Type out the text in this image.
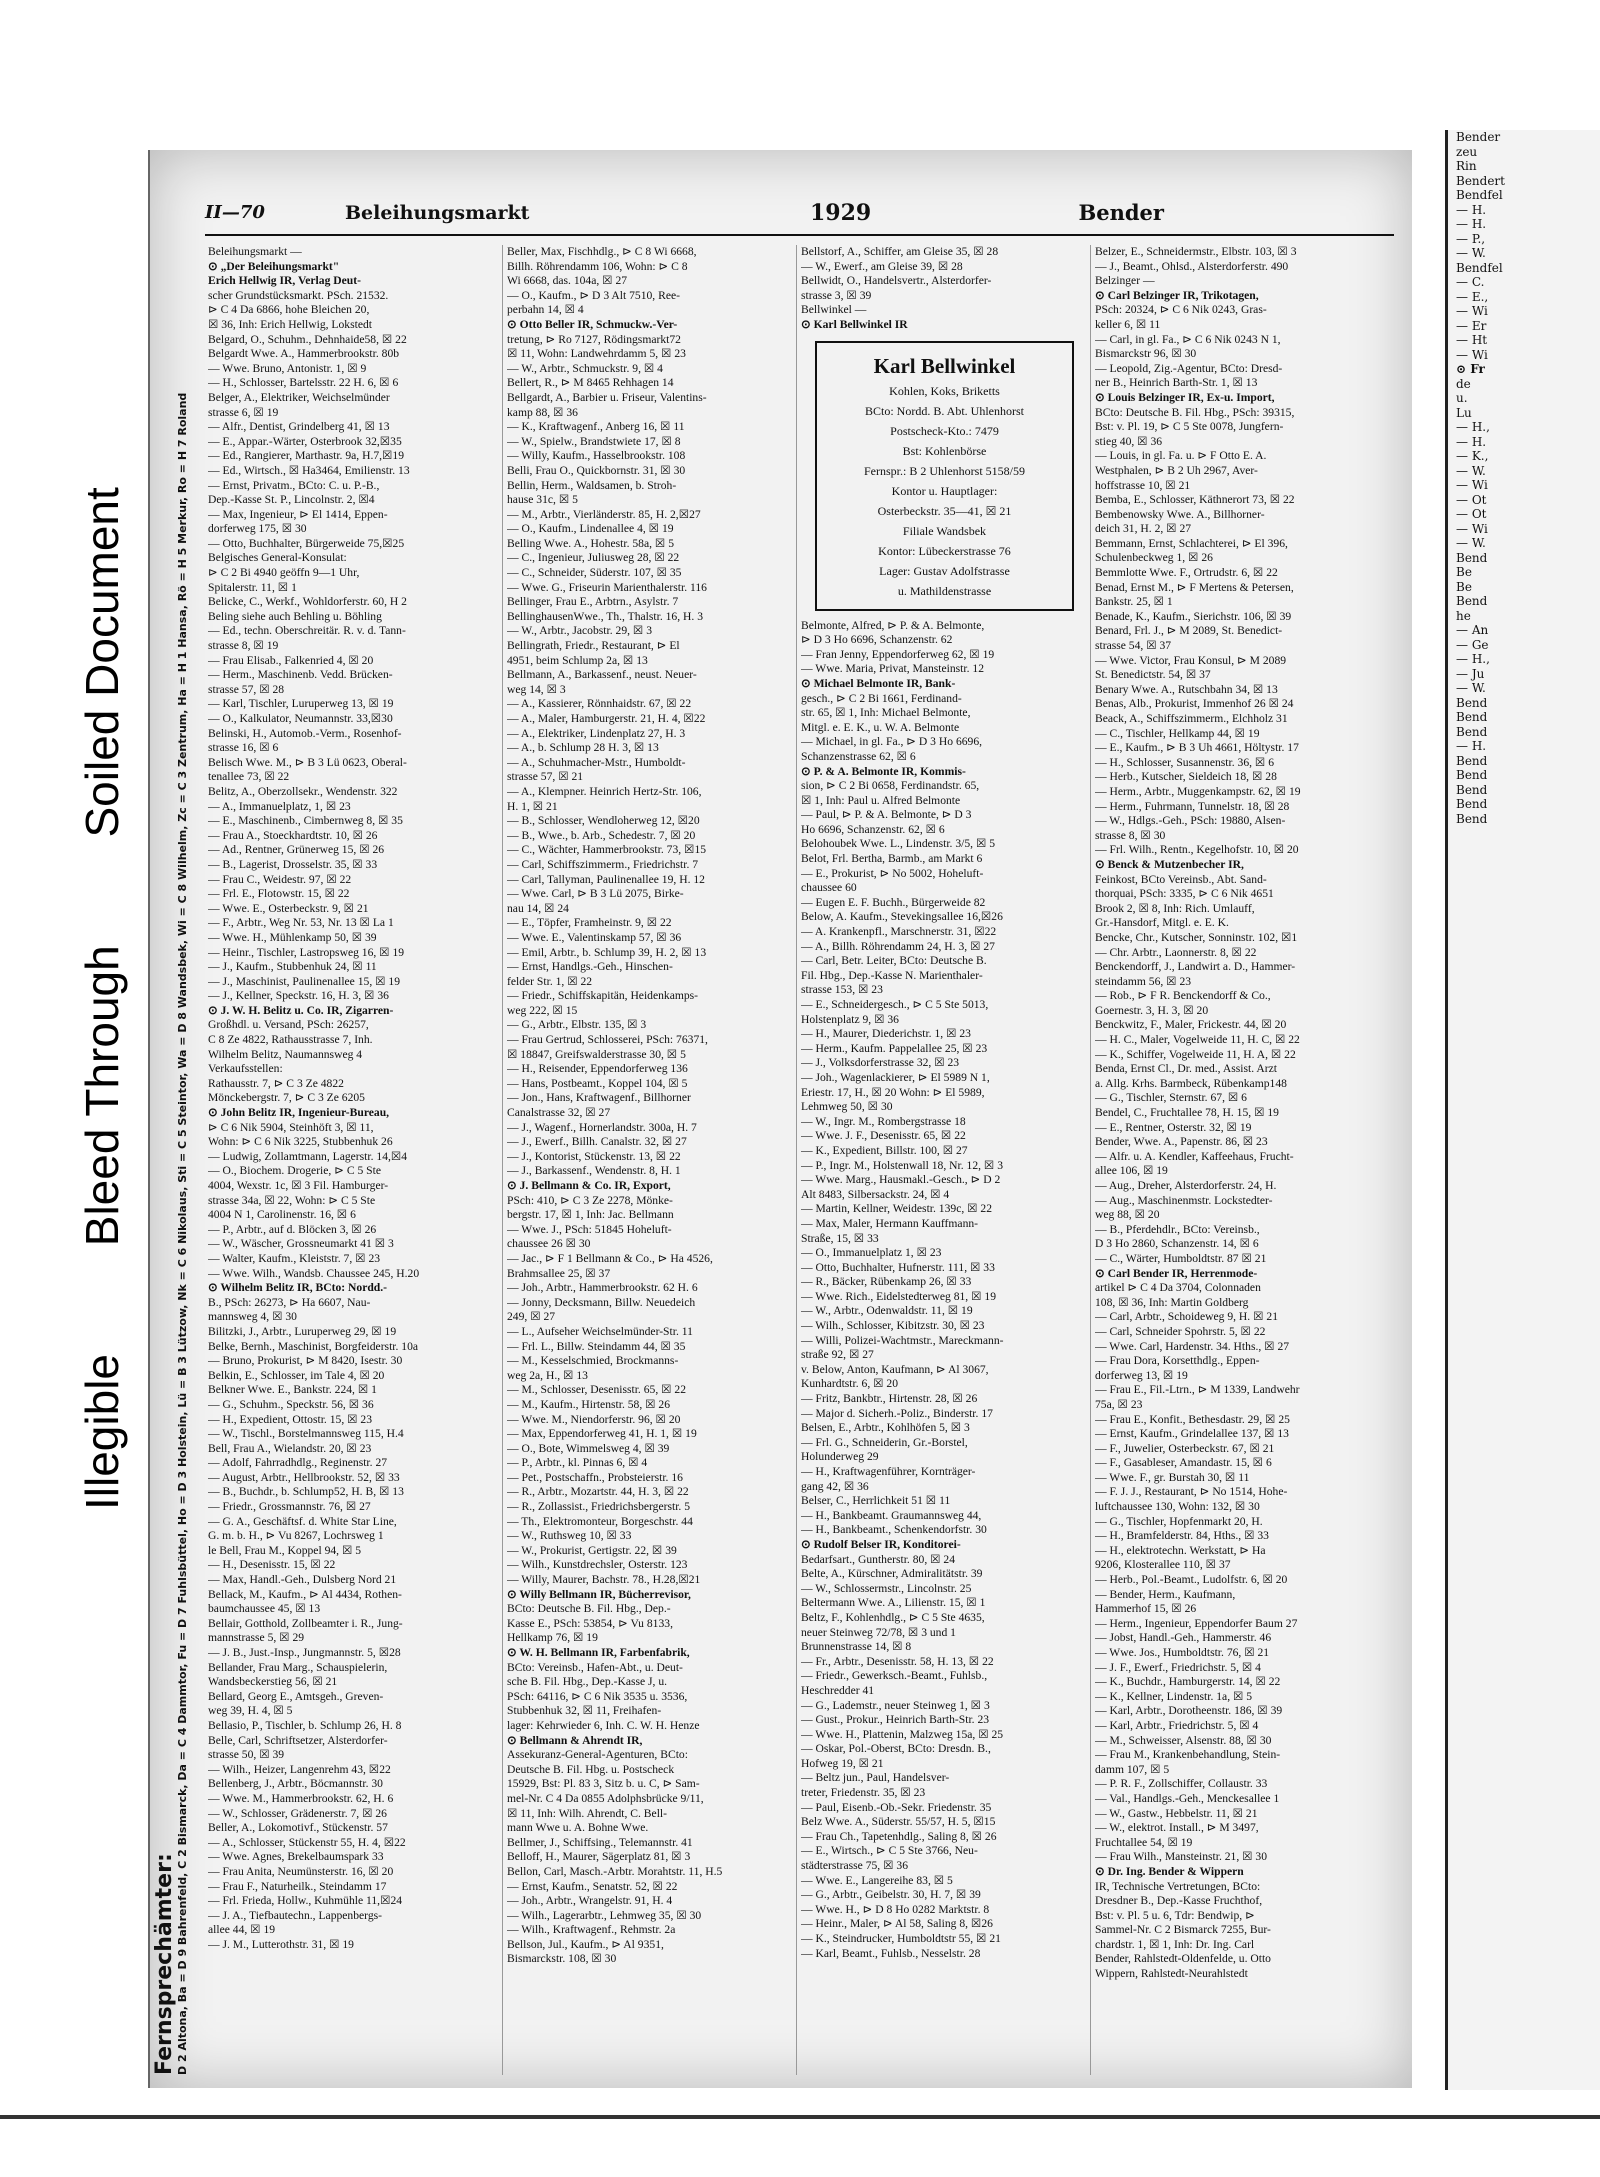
Illegible Bleed Through Soiled Document
II—70	Beleihungsmarkt	1929	Bender
Fernsprechämter: D 2 Altona, Ba = D 9 Bahrenfeld, C 2 Bismarck, Da = C 4 Dammtor, Fu = D 7 Fuhlsbüttel, Ho = D 3 Holstein, Lü = B 3 Lützow, Nk = C 6 Nikolaus, Sti = C 5 Steintor, Wa = D 8 Wandsbek, Wi = C 8 Wilhelm, Zc = C 3 Zentrum, Ha = H 1 Hansa, Rö = H 5 Merkur, Ro = H 7 Roland
Beleihungsmarkt —
⊙ „Der Beleihungsmarkt"
Erich Hellwig IR, Verlag Deut-
scher Grundstücksmarkt. PSch. 21532.
⊳ C 4 Da 6866, hohe Bleichen 20,
☒ 36, Inh: Erich Hellwig, Lokstedt
Belgard, O., Schuhm., Dehnhaide58, ☒ 22
Belgardt Wwe. A., Hammerbrookstr. 80b
— Wwe. Bruno, Antonistr. 1, ☒ 9
— H., Schlosser, Bartelsstr. 22 H. 6, ☒ 6
Belger, A., Elektriker, Weichselmünder
strasse 6, ☒ 19
— Alfr., Dentist, Grindelberg 41, ☒ 13
— E., Appar.-Wärter, Osterbrook 32,☒35
— Ed., Rangierer, Marthastr. 9a, H.7,☒19
— Ed., Wirtsch., ☒ Ha3464, Emilienstr. 13
— Ernst, Privatm., BCto: C. u. P.-B.,
Dep.-Kasse St. P., Lincolnstr. 2, ☒4
— Max, Ingenieur, ⊳ El 1414, Eppen-
dorferweg 175, ☒ 30
— Otto, Buchhalter, Bürgerweide 75,☒25
Belgisches General-Konsulat:
⊳ C 2 Bi 4940 geöffn 9—1 Uhr,
Spitalerstr. 11, ☒ 1
Belicke, C., Werkf., Wohldorferstr. 60, H 2
Beling siehe auch Behling u. Böhling
— Ed., techn. Oberschreitär. R. v. d. Tann-
strasse 8, ☒ 19
— Frau Elisab., Falkenried 4, ☒ 20
— Herm., Maschinenb. Vedd. Brücken-
strasse 57, ☒ 28
— Karl, Tischler, Luruperweg 13, ☒ 19
— O., Kalkulator, Neumannstr. 33,☒30
Belinski, H., Automob.-Verm., Rosenhof-
strasse 16, ☒ 6
Belisch Wwe. M., ⊳ B 3 Lü 0623, Oberal-
tenallee 73, ☒ 22
Belitz, A., Oberzollsekr., Wendenstr. 322
— A., Immanuelplatz, 1, ☒ 23
— E., Maschinenb., Cimbernweg 8, ☒ 35
— Frau A., Stoeckhardtstr. 10, ☒ 26
— Ad., Rentner, Grünerweg 15, ☒ 26
— B., Lagerist, Drosselstr. 35, ☒ 33
— Frau C., Weidestr. 97, ☒ 22
— Frl. E., Flotowstr. 15, ☒ 22
— Wwe. E., Osterbeckstr. 9, ☒ 21
— F., Arbtr., Weg Nr. 53, Nr. 13 ☒ La 1
— Wwe. H., Mühlenkamp 50, ☒ 39
— Heinr., Tischler, Lastropsweg 16, ☒ 19
— J., Kaufm., Stubbenhuk 24, ☒ 11
— J., Maschinist, Paulinenallee 15, ☒ 19
— J., Kellner, Speckstr. 16, H. 3, ☒ 36
⊙ J. W. H. Belitz u. Co. IR, Zigarren-
Großhdl. u. Versand, PSch: 26257,
C 8 Ze 4822, Rathausstrasse 7, Inh.
Wilhelm Belitz, Naumannsweg 4
Verkaufsstellen:
Rathausstr. 7, ⊳ C 3 Ze 4822
Mönckebergstr. 7, ⊳ C 3 Ze 6205
⊙ John Belitz IR, Ingenieur-Bureau,
⊳ C 6 Nik 5904, Steinhöft 3, ☒ 11,
Wohn: ⊳ C 6 Nik 3225, Stubbenhuk 26
— Ludwig, Zollamtmann, Lagerstr. 14,☒4
— O., Biochem. Drogerie, ⊳ C 5 Ste
4004, Wexstr. 1c, ☒ 3 Fil. Hamburger-
strasse 34a, ☒ 22, Wohn: ⊳ C 5 Ste
4004 N 1, Carolinenstr. 16, ☒ 6
— P., Arbtr., auf d. Blöcken 3, ☒ 26
— W., Wäscher, Grossneumarkt 41 ☒ 3
— Walter, Kaufm., Kleiststr. 7, ☒ 23
— Wwe. Wilh., Wandsb. Chaussee 245, H.20
⊙ Wilhelm Belitz IR, BCto: Nordd.-
B., PSch: 26273, ⊳ Ha 6607, Nau-
mannsweg 4, ☒ 30
Bilitzki, J., Arbtr., Luruperweg 29, ☒ 19
Belke, Bernh., Maschinist, Borgfeiderstr. 10a
— Bruno, Prokurist, ⊳ M 8420, Isestr. 30
Belkin, E., Schlosser, im Tale 4, ☒ 20
Belkner Wwe. E., Bankstr. 224, ☒ 1
— G., Schuhm., Speckstr. 56, ☒ 36
— H., Expedient, Ottostr. 15, ☒ 23
— W., Tischl., Borstelmannsweg 115, H.4
Bell, Frau A., Wielandstr. 20, ☒ 23
— Adolf, Fahrradhdlg., Reginenstr. 27
— August, Arbtr., Hellbrookstr. 52, ☒ 33
— B., Buchdr., b. Schlump52, H. B, ☒ 13
— Friedr., Grossmannstr. 76, ☒ 27
— G. A., Geschäftsf. d. White Star Line,
G. m. b. H., ⊳ Vu 8267, Lochrsweg 1
le Bell, Frau M., Koppel 94, ☒ 5
— H., Desenisstr. 15, ☒ 22
— Max, Handl.-Geh., Dulsberg Nord 21
Bellack, M., Kaufm., ⊳ Al 4434, Rothen-
baumchaussee 45, ☒ 13
Bellair, Gotthold, Zollbeamter i. R., Jung-
mannstrasse 5, ☒ 29
— J. B., Just.-Insp., Jungmannstr. 5, ☒28
Bellander, Frau Marg., Schauspielerin,
Wandsbeckerstieg 56, ☒ 21
Bellard, Georg E., Amtsgeh., Greven-
weg 39, H. 4, ☒ 5
Bellasio, P., Tischler, b. Schlump 26, H. 8
Belle, Carl, Schriftsetzer, Alsterdorfer-
strasse 50, ☒ 39
— Wilh., Heizer, Langenrehm 43, ☒22
Bellenberg, J., Arbtr., Böcmannstr. 30
— Wwe. M., Hammerbrookstr. 62, H. 6
— W., Schlosser, Grädenerstr. 7, ☒ 26
Beller, A., Lokomotivf., Stückenstr. 57
— A., Schlosser, Stückenstr 55, H. 4, ☒22
— Wwe. Agnes, Brekelbaumspark 33
— Frau Anita, Neumünsterstr. 16, ☒ 20
— Frau F., Naturheilk., Steindamm 17
— Frl. Frieda, Hollw., Kuhmühle 11,☒24
— J. A., Tiefbautechn., Lappenbergs-
allee 44, ☒ 19
— J. M., Lutterothstr. 31, ☒ 19
Beller, Max, Fischhdlg., ⊳ C 8 Wi 6668,
Billh. Röhrendamm 106, Wohn: ⊳ C 8
Wi 6668, das. 104a, ☒ 27
— O., Kaufm., ⊳ D 3 Alt 7510, Ree-
perbahn 14, ☒ 4
⊙ Otto Beller IR, Schmuckw.-Ver-
tretung, ⊳ Ro 7127, Rödingsmarkt72
☒ 11, Wohn: Landwehrdamm 5, ☒ 23
— W., Arbtr., Schmuckstr. 9, ☒ 4
Bellert, R., ⊳ M 8465 Rehhagen 14
Bellgardt, A., Barbier u. Friseur, Valentins-
kamp 88, ☒ 36
— K., Kraftwagenf., Anberg 16, ☒ 11
— W., Spielw., Brandstwiete 17, ☒ 8
— Willy, Kaufm., Hasselbrookstr. 108
Belli, Frau O., Quickbornstr. 31, ☒ 30
Bellin, Herm., Waldsamen, b. Stroh-
hause 31c, ☒ 5
— M., Arbtr., Vierländerstr. 85, H. 2,☒27
— O., Kaufm., Lindenallee 4, ☒ 19
Belling Wwe. A., Hohestr. 58a, ☒ 5
— C., Ingenieur, Juliusweg 28, ☒ 22
— C., Schneider, Süderstr. 107, ☒ 35
— Wwe. G., Friseurin Marienthalerstr. 116
Bellinger, Frau E., Arbtrn., Asylstr. 7
BellinghausenWwe., Th., Thalstr. 16, H. 3
— W., Arbtr., Jacobstr. 29, ☒ 3
Bellingrath, Friedr., Restaurant, ⊳ El
4951, beim Schlump 2a, ☒ 13
Bellmann, A., Barkassenf., neust. Neuer-
weg 14, ☒ 3
— A., Kassierer, Rönnhaidstr. 67, ☒ 22
— A., Maler, Hamburgerstr. 21, H. 4, ☒22
— A., Elektriker, Lindenplatz 27, H. 3
— A., b. Schlump 28 H. 3, ☒ 13
— A., Schuhmacher-Mstr., Humboldt-
strasse 57, ☒ 21
— A., Klempner. Heinrich Hertz-Str. 106,
H. 1, ☒ 21
— B., Schlosser, Wendloherweg 12, ☒20
— B., Wwe., b. Arb., Schedestr. 7, ☒ 20
— C., Wächter, Hammerbrookstr. 73, ☒15
— Carl, Schiffszimmerm., Friedrichstr. 7
— Carl, Tallyman, Paulinenallee 19, H. 12
— Wwe. Carl, ⊳ B 3 Lü 2075, Birke-
nau 14, ☒ 24
— E., Töpfer, Framheinstr. 9, ☒ 22
— Wwe. E., Valentinskamp 57, ☒ 36
— Emil, Arbtr., b. Schlump 39, H. 2, ☒ 13
— Ernst, Handlgs.-Geh., Hinschen-
felder Str. 1, ☒ 22
— Friedr., Schiffskapitän, Heidenkamps-
weg 222, ☒ 15
— G., Arbtr., Elbstr. 135, ☒ 3
— Frau Gertrud, Schlosserei, PSch: 76371,
☒ 18847, Greifswalderstrasse 30, ☒ 5
— H., Reisender, Eppendorferweg 136
— Hans, Postbeamt., Koppel 104, ☒ 5
— Jon., Hans, Kraftwagenf., Billhorner
Canalstrasse 32, ☒ 27
— J., Wagenf., Hornerlandstr. 300a, H. 7
— J., Ewerf., Billh. Canalstr. 32, ☒ 27
— J., Kontorist, Stückenstr. 13, ☒ 22
— J., Barkassenf., Wendenstr. 8, H. 1
⊙ J. Bellmann & Co. IR, Export,
PSch: 410, ⊳ C 3 Ze 2278, Mönke-
bergstr. 17, ☒ 1, Inh: Jac. Bellmann
— Wwe. J., PSch: 51845 Hoheluft-
chaussee 26 ☒ 30
— Jac., ⊳ F 1 Bellmann & Co., ⊳ Ha 4526,
Brahmsallee 25, ☒ 37
— Joh., Arbtr., Hammerbrookstr. 62 H. 6
— Jonny, Decksmann, Billw. Neuedeich
249, ☒ 27
— L., Aufseher Weichselmünder-Str. 11
— Frl. L., Billw. Steindamm 44, ☒ 35
— M., Kesselschmied, Brockmanns-
weg 2a, H., ☒ 13
— M., Schlosser, Desenisstr. 65, ☒ 22
— M., Kaufm., Hirtenstr. 58, ☒ 26
— Wwe. M., Niendorferstr. 96, ☒ 20
— Max, Eppendorferweg 41, H. 1, ☒ 19
— O., Bote, Wimmelsweg 4, ☒ 39
— P., Arbtr., kl. Pinnas 6, ☒ 4
— Pet., Postschaffn., Probsteierstr. 16
— R., Arbtr., Mozartstr. 44, H. 3, ☒ 22
— R., Zollassist., Friedrichsbergerstr. 5
— Th., Elektromonteur, Borgeschstr. 44
— W., Ruthsweg 10, ☒ 33
— W., Prokurist, Gertigstr. 22, ☒ 39
— Wilh., Kunstdrechsler, Osterstr. 123
— Willy, Maurer, Bachstr. 78., H.28,☒21
⊙ Willy Bellmann IR, Bücherrevisor,
BCto: Deutsche B. Fil. Hbg., Dep.-
Kasse E., PSch: 53854, ⊳ Vu 8133,
Hellkamp 76, ☒ 19
⊙ W. H. Bellmann IR, Farbenfabrik,
BCto: Vereinsb., Hafen-Abt., u. Deut-
sche B. Fil. Hbg., Dep.-Kasse J, u.
PSch: 64116, ⊳ C 6 Nik 3535 u. 3536,
Stubbenhuk 32, ☒ 11, Freihafen-
lager: Kehrwieder 6, Inh. C. W. H. Henze
⊙ Bellmann & Ahrendt IR,
Assekuranz-General-Agenturen, BCto:
Deutsche B. Fil. Hbg. u. Postscheck
15929, Bst: Pl. 83 3, Sitz b. u. C, ⊳ Sam-
mel-Nr. C 4 Da 0855 Adolphsbrücke 9/11,
☒ 11, Inh: Wilh. Ahrendt, C. Bell-
mann Wwe u. A. Bohne Wwe.
Bellmer, J., Schiffsing., Telemannstr. 41
Belloff, H., Maurer, Sägerplatz 81, ☒ 3
Bellon, Carl, Masch.-Arbtr. Morahtstr. 11, H.5
— Ernst, Kaufm., Senatstr. 52, ☒ 22
— Joh., Arbtr., Wrangelstr. 91, H. 4
— Wilh., Lagerarbtr., Lehmweg 35, ☒ 30
— Wilh., Kraftwagenf., Rehmstr. 2a
Bellson, Jul., Kaufm., ⊳ Al 9351,
Bismarckstr. 108, ☒ 30
Bellstorf, A., Schiffer, am Gleise 35, ☒ 28
— W., Ewerf., am Gleise 39, ☒ 28
Bellwidt, O., Handelsvertr., Alsterdorfer-
strasse 3, ☒ 39
Bellwinkel —
⊙ Karl Bellwinkel IR
Karl Bellwinkel
Kohlen, Koks, Briketts
BCto: Nordd. B. Abt. Uhlenhorst
Postscheck-Kto.: 7479
Bst: Kohlenbörse
Fernspr.: B 2 Uhlenhorst 5158/59
Kontor u. Hauptlager:
Osterbeckstr. 35—41, ☒ 21
Filiale Wandsbek
Kontor: Lübeckerstrasse 76
Lager: Gustav Adolfstrasse
u. Mathildenstrasse
Belmonte, Alfred, ⊳ P. & A. Belmonte,
⊳ D 3 Ho 6696, Schanzenstr. 62
— Fran Jenny, Eppendorferweg 62, ☒ 19
— Wwe. Maria, Privat, Mansteinstr. 12
⊙ Michael Belmonte IR, Bank-
gesch., ⊳ C 2 Bi 1661, Ferdinand-
str. 65, ☒ 1, Inh: Michael Belmonte,
Mitgl. e. E. K., u. W. A. Belmonte
— Michael, in gl. Fa., ⊳ D 3 Ho 6696,
Schanzenstrasse 62, ☒ 6
⊙ P. & A. Belmonte IR, Kommis-
sion, ⊳ C 2 Bi 0658, Ferdinandstr. 65,
☒ 1, Inh: Paul u. Alfred Belmonte
— Paul, ⊳ P. & A. Belmonte, ⊳ D 3
Ho 6696, Schanzenstr. 62, ☒ 6
Belohoubek Wwe. L., Lindenstr. 3/5, ☒ 5
Belot, Frl. Bertha, Barmb., am Markt 6
— E., Prokurist, ⊳ No 5002, Hoheluft-
chaussee 60
— Eugen E. F. Buchh., Bürgerweide 82
Below, A. Kaufm., Stevekingsallee 16,☒26
— A. Krankenpfl., Marschnerstr. 31, ☒22
— A., Billh. Röhrendamm 24, H. 3, ☒ 27
— Carl, Betr. Leiter, BCto: Deutsche B.
Fil. Hbg., Dep.-Kasse N. Marienthaler-
strasse 153, ☒ 23
— E., Schneidergesch., ⊳ C 5 Ste 5013,
Holstenplatz 9, ☒ 36
— H., Maurer, Diederichstr. 1, ☒ 23
— Herm., Kaufm. Pappelallee 25, ☒ 23
— J., Volksdorferstrasse 32, ☒ 23
— Joh., Wagenlackierer, ⊳ El 5989 N 1,
Eriestr. 17, H., ☒ 20 Wohn: ⊳ El 5989,
Lehmweg 50, ☒ 30
— W., Ingr. M., Rombergstrasse 18
— Wwe. J. F., Desenisstr. 65, ☒ 22
— K., Expedient, Billstr. 100, ☒ 27
— P., Ingr. M., Holstenwall 18, Nr. 12, ☒ 3
— Wwe. Marg., Hausmakl.-Gesch., ⊳ D 2
Alt 8483, Silbersackstr. 24, ☒ 4
— Martin, Kellner, Weidestr. 139c, ☒ 22
— Max, Maler, Hermann Kauffmann-
Straße, 15, ☒ 33
— O., Immanuelplatz 1, ☒ 23
— Otto, Buchhalter, Hufnerstr. 111, ☒ 33
— R., Bäcker, Rübenkamp 26, ☒ 33
— Wwe. Rich., Eidelstedterweg 81, ☒ 19
— W., Arbtr., Odenwaldstr. 11, ☒ 19
— Wilh., Schlosser, Kibitzstr. 30, ☒ 23
— Willi, Polizei-Wachtmstr., Mareckmann-
straße 92, ☒ 27
v. Below, Anton, Kaufmann, ⊳ Al 3067,
Kunhardtstr. 6, ☒ 20
— Fritz, Bankbtr., Hirtenstr. 28, ☒ 26
— Major d. Sicherh.-Poliz., Binderstr. 17
Belsen, E., Arbtr., Kohlhöfen 5, ☒ 3
— Frl. G., Schneiderin, Gr.-Borstel,
Holunderweg 29
— H., Kraftwagenführer, Kornträger-
gang 42, ☒ 36
Belser, C., Herrlichkeit 51 ☒ 11
— H., Bankbeamt. Graumannsweg 44,
— H., Bankbeamt., Schenkendorfstr. 30
⊙ Rudolf Belser IR, Konditorei-
Bedarfsart., Guntherstr. 80, ☒ 24
Belte, A., Kürschner, Admiralitätstr. 39
— W., Schlossermstr., Lincolnstr. 25
Beltermann Wwe. A., Lilienstr. 15, ☒ 1
Beltz, F., Kohlenhdlg., ⊳ C 5 Ste 4635,
neuer Steinweg 72/78, ☒ 3 und 1
Brunnenstrasse 14, ☒ 8
— Fr., Arbtr., Desenisstr. 58, H. 13, ☒ 22
— Friedr., Gewerksch.-Beamt., Fuhlsb.,
Heschredder 41
— G., Lademstr., neuer Steinweg 1, ☒ 3
— Gust., Prokur., Heinrich Barth-Str. 23
— Wwe. H., Plattenin, Malzweg 15a, ☒ 25
— Oskar, Pol.-Oberst, BCto: Dresdn. B.,
Hofweg 19, ☒ 21
— Beltz jun., Paul, Handelsver-
treter, Friedenstr. 35, ☒ 23
— Paul, Eisenb.-Ob.-Sekr. Friedenstr. 35
Belz Wwe. A., Süderstr. 55/57, H. 5, ☒15
— Frau Ch., Tapetenhdlg., Saling 8, ☒ 26
— E., Wirtsch., ⊳ C 5 Ste 3766, Neu-
städterstrasse 75, ☒ 36
— Wwe. E., Langereihe 83, ☒ 5
— G., Arbtr., Geibelstr. 30, H. 7, ☒ 39
— Wwe. H., ⊳ D 8 Ho 0282 Marktstr. 8
— Heinr., Maler, ⊳ Al 58, Saling 8, ☒26
— K., Steindrucker, Humboldtstr 55, ☒ 21
— Karl, Beamt., Fuhlsb., Nesselstr. 28
Belzer, E., Schneidermstr., Elbstr. 103, ☒ 3
— J., Beamt., Ohlsd., Alsterdorferstr. 490
Belzinger —
⊙ Carl Belzinger IR, Trikotagen,
PSch: 20324, ⊳ C 6 Nik 0243, Gras-
keller 6, ☒ 11
— Carl, in gl. Fa., ⊳ C 6 Nik 0243 N 1,
Bismarckstr 96, ☒ 30
— Leopold, Zig.-Agentur, BCto: Dresd-
ner B., Heinrich Barth-Str. 1, ☒ 13
⊙ Louis Belzinger IR, Ex-u. Import,
BCto: Deutsche B. Fil. Hbg., PSch: 39315,
Bst: v. Pl. 19, ⊳ C 5 Ste 0078, Jungfern-
stieg 40, ☒ 36
— Louis, in gl. Fa. u. ⊳ F Otto E. A.
Westphalen, ⊳ B 2 Uh 2967, Aver-
hoffstrasse 10, ☒ 21
Bemba, E., Schlosser, Käthnerort 73, ☒ 22
Bembenowsky Wwe. A., Billhorner-
deich 31, H. 2, ☒ 27
Bemmann, Ernst, Schlachterei, ⊳ El 396,
Schulenbeckweg 1, ☒ 26
Bemmlotte Wwe. F., Ortrudstr. 6, ☒ 22
Benad, Ernst M., ⊳ F Mertens & Petersen,
Bankstr. 25, ☒ 1
Benade, K., Kaufm., Sierichstr. 106, ☒ 39
Benard, Frl. J., ⊳ M 2089, St. Benedict-
strasse 54, ☒ 37
— Wwe. Victor, Frau Konsul, ⊳ M 2089
St. Benedictstr. 54, ☒ 37
Benary Wwe. A., Rutschbahn 34, ☒ 13
Benas, Alb., Prokurist, Immenhof 26 ☒ 24
Beack, A., Schiffszimmerm., Elchholz 31
— C., Tischler, Hellkamp 44, ☒ 19
— E., Kaufm., ⊳ B 3 Uh 4661, Höltystr. 17
— H., Schlosser, Susannenstr. 36, ☒ 6
— Herb., Kutscher, Sieldeich 18, ☒ 28
— Herm., Arbtr., Muggenkampstr. 62, ☒ 19
— Herm., Fuhrmann, Tunnelstr. 18, ☒ 28
— W., Hdlgs.-Geh., PSch: 19880, Alsen-
strasse 8, ☒ 30
— Frl. Wilh., Rentn., Kegelhofstr. 10, ☒ 20
⊙ Benck & Mutzenbecher IR,
Feinkost, BCto Vereinsb., Abt. Sand-
thorquai, PSch: 3335, ⊳ C 6 Nik 4651
Brook 2, ☒ 8, Inh: Rich. Umlauff,
Gr.-Hansdorf, Mitgl. e. E. K.
Bencke, Chr., Kutscher, Sonninstr. 102, ☒1
— Chr. Arbtr., Laonnerstr. 8, ☒ 22
Benckendorff, J., Landwirt a. D., Hammer-
steindamm 56, ☒ 23
— Rob., ⊳ F R. Benckendorff & Co.,
Goernestr. 3, H. 3, ☒ 20
Benckwitz, F., Maler, Frickestr. 44, ☒ 20
— H. C., Maler, Vogelweide 11, H. C, ☒ 22
— K., Schiffer, Vogelweide 11, H. A, ☒ 22
Benda, Ernst Cl., Dr. med., Assist. Arzt
a. Allg. Krhs. Barmbeck, Rübenkamp148
— G., Tischler, Sternstr. 67, ☒ 6
Bendel, C., Fruchtallee 78, H. 15, ☒ 19
— E., Rentner, Osterstr. 32, ☒ 19
Bender, Wwe. A., Papenstr. 86, ☒ 23
— Alfr. u. A. Kendler, Kaffeehaus, Frucht-
allee 106, ☒ 19
— Aug., Dreher, Alsterdorferstr. 24, H.
— Aug., Maschinenmstr. Lockstedter-
weg 88, ☒ 20
— B., Pferdehdlr., BCto: Vereinsb.,
D 3 Ho 2860, Schanzenstr. 14, ☒ 6
— C., Wärter, Humboldtstr. 87 ☒ 21
⊙ Carl Bender IR, Herrenmode-
artikel ⊳ C 4 Da 3704, Colonnaden
108, ☒ 36, Inh: Martin Goldberg
— Carl, Arbtr., Schoideweg 9, H. ☒ 21
— Carl, Schneider Spohrstr. 5, ☒ 22
— Wwe. Carl, Hardenstr. 34. Hths., ☒ 27
— Frau Dora, Korsetthdlg., Eppen-
dorferweg 13, ☒ 19
— Frau E., Fil.-Ltrn., ⊳ M 1339, Landwehr
75a, ☒ 23
— Frau E., Konfit., Bethesdastr. 29, ☒ 25
— Ernst, Kaufm., Grindelallee 137, ☒ 13
— F., Juwelier, Osterbeckstr. 67, ☒ 21
— F., Gasableser, Amandastr. 15, ☒ 6
— Wwe. F., gr. Burstah 30, ☒ 11
— F. J. J., Restaurant, ⊳ No 1514, Hohe-
luftchaussee 130, Wohn: 132, ☒ 30
— G., Tischler, Hopfenmarkt 20, H.
— H., Bramfelderstr. 84, Hths., ☒ 33
— H., elektrotechn. Werkstatt, ⊳ Ha
9206, Klosterallee 110, ☒ 37
— Herb., Pol.-Beamt., Ludolfstr. 6, ☒ 20
— Bender, Herm., Kaufmann,
Hammerhof 15, ☒ 26
— Herm., Ingenieur, Eppendorfer Baum 27
— Jobst, Handl.-Geh., Hammerstr. 46
— Wwe. Jos., Humboldtstr. 76, ☒ 21
— J. F., Ewerf., Friedrichstr. 5, ☒ 4
— K., Buchdr., Hamburgerstr. 14, ☒ 22
— K., Kellner, Lindenstr. 1a, ☒ 5
— Karl, Arbtr., Dorotheenstr. 186, ☒ 39
— Karl, Arbtr., Friedrichstr. 5, ☒ 4
— M., Schweisser, Alsenstr. 88, ☒ 30
— Frau M., Krankenbehandlung, Stein-
damm 107, ☒ 5
— P. R. F., Zollschiffer, Collaustr. 33
— Val., Handlgs.-Geh., Menckesallee 1
— W., Gastw., Hebbelstr. 11, ☒ 21
— W., elektrot. Install., ⊳ M 3497,
Fruchtallee 54, ☒ 19
— Frau Wilh., Mansteinstr. 21, ☒ 30
⊙ Dr. Ing. Bender & Wippern
IR, Technische Vertretungen, BCto:
Dresdner B., Dep.-Kasse Fruchthof,
Bst: v. Pl. 5 u. 6, Tdr: Bendwip, ⊳
Sammel-Nr. C 2 Bismarck 7255, Bur-
chardstr. 1, ☒ 1, Inh: Dr. Ing. Carl
Bender, Rahlstedt-Oldenfelde, u. Otto
Wippern, Rahlstedt-Neurahlstedt
Bender
zeu
Rin
Bendert
Bendfel
— H.
— H.
— P.,
— W.
Bendfel
— C.
— E.,
— Wi
— Er
— Ht
— Wi
⊙ Fr
de
u.
Lu
— H.,
— H.
— K.,
— W.
— Wi
— Ot
— Ot
— Wi
— W.
Bend
Be
Be
Bend
he
— An
— Ge
— H.,
— Ju
— W.
Bend
Bend
Bend
— H.
Bend
Bend
Bend
Bend
Bend
